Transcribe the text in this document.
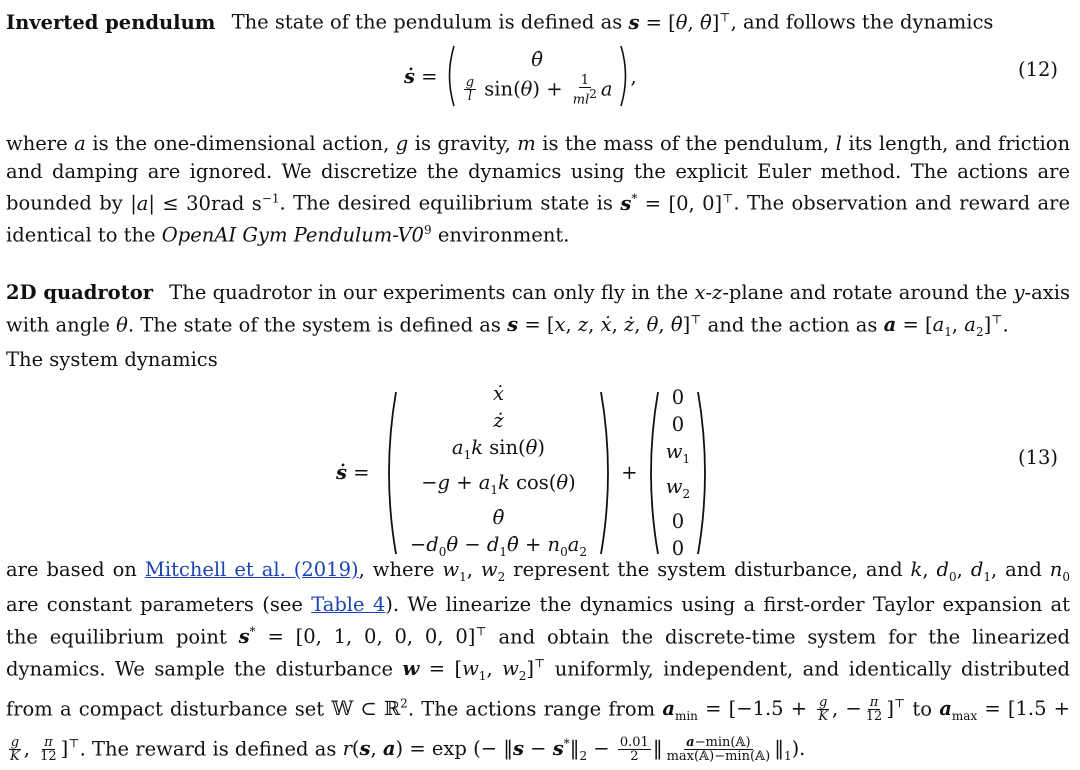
Inverted pendulum The state of the pendulum is defined as s = [θ, θ̇]⊤, and follows the dynamics

ṡ =
θ̇
$\frac{g}{l} \sin(\theta) + \frac{1}{ml^2}$ a
,	(12)

where a is the one-dimensional action, g is gravity, m is the mass of the pendulum, l its length, and friction and damping are ignored. We discretize the dynamics using the explicit Euler method. The actions are bounded by |a| ≤ 30rad $s^{-1}$. The desired equilibrium state is s* = [0, 0]⊤. The observation and reward are identical to the OpenAI Gym Pendulum-$V0^9$ environment.

2D quadrotor The quadrotor in our experiments can only fly in the x-z-plane and rotate around the y-axis with angle θ. The state of the system is defined as s = [x, z, ẋ, ż, θ, θ̇]⊤ and the action as $a = [a_1$, $a_2]^⊤$.
The system dynamics

ṡ =
ẋ
ż
$a_1k$ sin(θ)
$-g + a_1k$ cos(θ)
θ̇
$-d_0\theta$ − $d_1\thetȧ + n_0a_2$
+
0
0
$w_1$
$w_2$
0
0
(13)

are based on Mitchell et al. (2019), where $w_1$, $w_2$ represent the system disturbance, and k, $d_0$, $d_1$, and $n_0$ are constant parameters (see Table 4). We linearize the dynamics using a first-order Taylor expansion at the equilibrium point s* = [0, 1, 0, 0, 0, 0]⊤ and obtain the discrete-time system for the linearized dynamics. We sample the disturbance $w = [w_1$, $w_2]^⊤$ uniformly, independent, and identically distributed from a compact disturbance set 𝕎 ⊂ ℝ$^2$. The actions range from $a_{min} = [-1.5 + \frac{g}{K}$ , − $\frac{\pi}{12} ]^⊤$ to $a_{max} = [1.5$ +
$\frac{g}{K}$ , $\frac{\pi}{12} ]^⊤$. The reward is defined as r(s, a) = exp (− ‖s − $s^*‖_2 - \frac{0.01}{2}$ ‖ $\frac{\text{a−min(𝔸)}}{\text{max(𝔸)−min(𝔸)}}$ $‖_1$).
